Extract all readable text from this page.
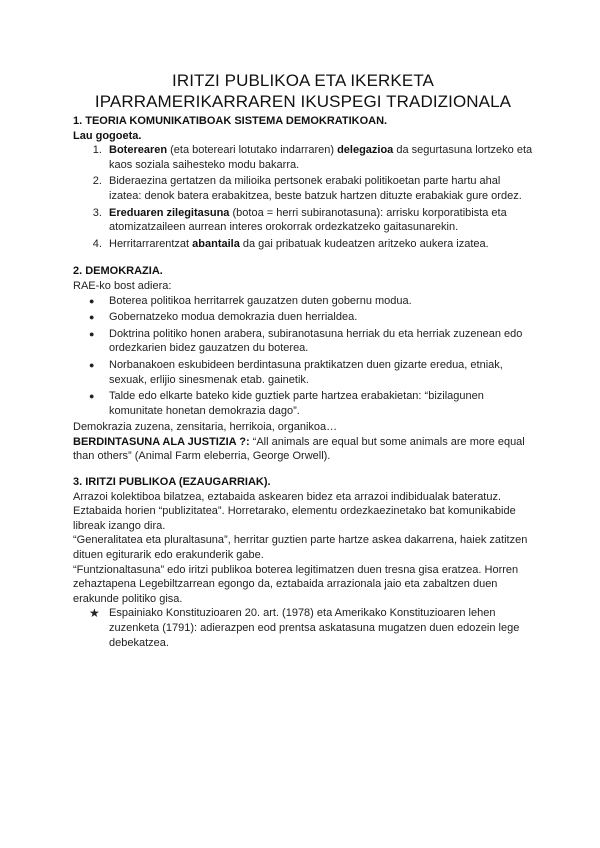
IRITZI PUBLIKOA ETA IKERKETA
IPARRAMERIKARRAREN IKUSPEGI TRADIZIONALA

1. TEORIA KOMUNIKATIBOAK SISTEMA DEMOKRATIKOAN.

Lau gogoeta.

1. Boterearen (eta botereari lotutako indarraren) delegazioa da segurtasuna lortzeko eta kaos soziala saihesteko modu bakarra.
2. Bideraezina gertatzen da milioika pertsonek erabaki politikoetan parte hartu ahal izatea: denok batera erabakitzea, beste batzuk hartzen dituzte erabakiak gure ordez.
3. Ereduaren zilegitasuna (botoa = herri subiranotasuna): arrisku korporatibista eta atomizatzaileen aurrean interes orokorrak ordezkatzeko gaitasunarekin.
4. Herritarrarentzat abantaila da gai pribatuak kudeatzen aritzeko aukera izatea.

2. DEMOKRAZIA.

RAE-ko bost adiera:

● Boterea politikoa herritarrek gauzatzen duten gobernu modua.
● Gobernatzeko modua demokrazia duen herrialdea.
● Doktrina politiko honen arabera, subiranotasuna herriak du eta herriak zuzenean edo ordezkarien bidez gauzatzen du boterea.
● Norbanakoen eskubideen berdintasuna praktikatzen duen gizarte eredua, etniak, sexuak, erlijio sinesmenak etab. gainetik.
● Talde edo elkarte bateko kide guztiek parte hartzea erabakietan: “bizilagunen komunitate honetan demokrazia dago”.

Demokrazia zuzena, zensitaria, herrikoia, organikoa…

BERDINTASUNA ALA JUSTIZIA ?: “All animals are equal but some animals are more equal than others” (Animal Farm eleberria, George Orwell).

3. IRITZI PUBLIKOA (EZAUGARRIAK).

Arrazoi kolektiboa bilatzea, eztabaida askearen bidez eta arrazoi indibidualak bateratuz.

Eztabaida horien “publizitatea”. Horretarako, elementu ordezkaezinetako bat komunikabide libreak izango dira.

“Generalitatea eta pluraltasuna”, herritar guztien parte hartze askea dakarrena, haiek zatitzen dituen egiturarik edo erakunderik gabe.

“Funtzionaltasuna” edo iritzi publikoa boterea legitimatzen duen tresna gisa eratzea. Horren zehaztapena Legebiltzarrean egongo da, eztabaida arrazionala jaio eta zabaltzen duen erakunde politiko gisa.

★ Espainiako Konstituzioaren 20. art. (1978) eta Amerikako Konstituzioaren lehen zuzenketa (1791): adierazpen eod prentsa askatasuna mugatzen duen edozein lege debekatzea.
